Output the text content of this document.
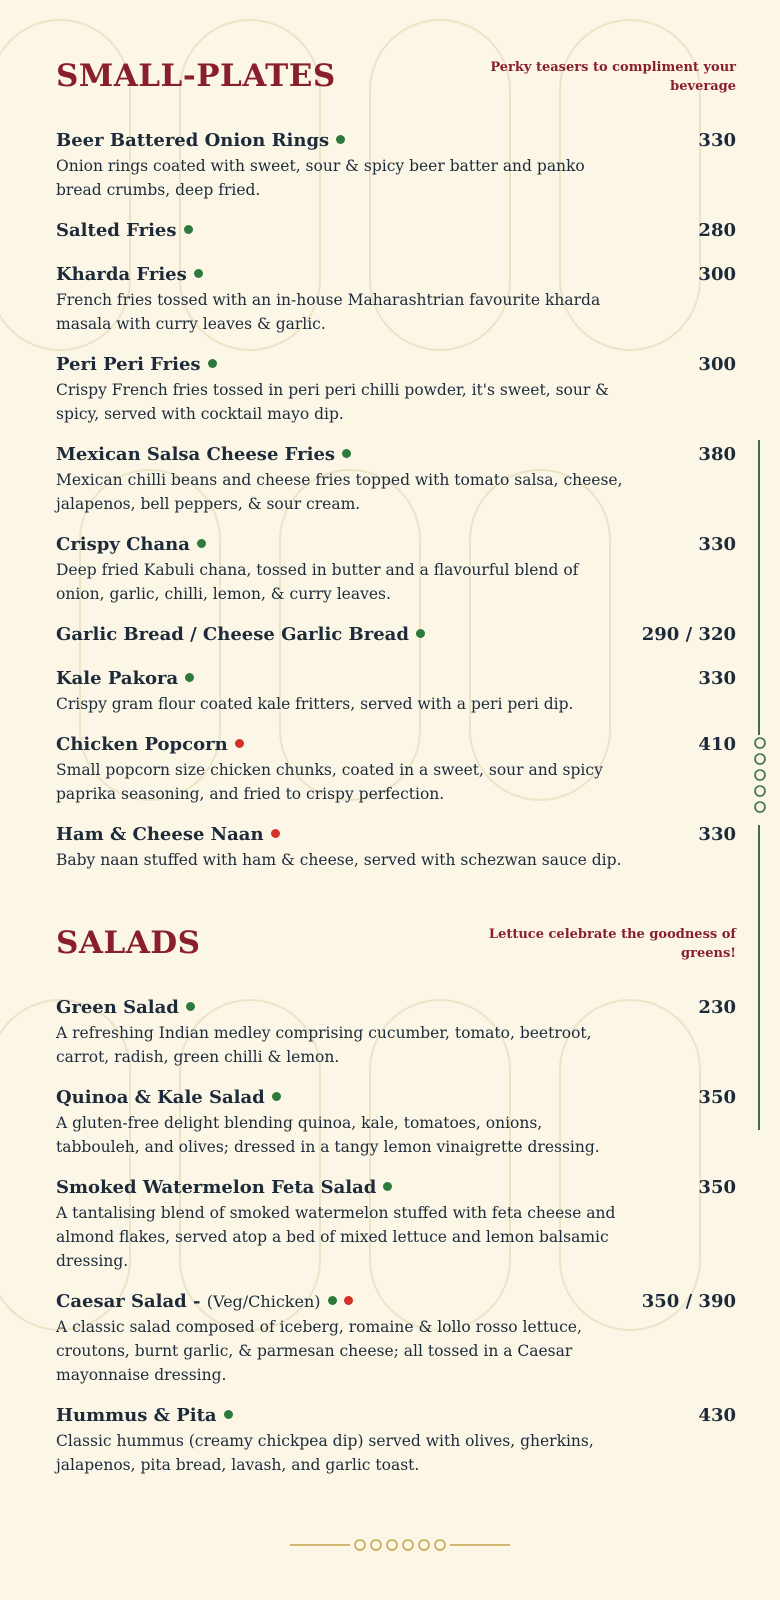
SMALL-PLATES	Perky teasers to compliment your beverage

Beer Battered Onion Rings	330

Onion rings coated with sweet, sour & spicy beer batter and panko bread crumbs, deep fried.

Salted Fries	280

Kharda Fries	300

French fries tossed with an in-house Maharashtrian favourite kharda masala with curry leaves & garlic.

Peri Peri Fries	300

Crispy French fries tossed in peri peri chilli powder, it's sweet, sour & spicy, served with cocktail mayo dip.

Mexican Salsa Cheese Fries	380

Mexican chilli beans and cheese fries topped with tomato salsa, cheese, jalapenos, bell peppers, & sour cream.

Crispy Chana	330

Deep fried Kabuli chana, tossed in butter and a flavourful blend of onion, garlic, chilli, lemon, & curry leaves.

Garlic Bread / Cheese Garlic Bread	290 / 320

Kale Pakora	330

Crispy gram flour coated kale fritters, served with a peri peri dip.

Chicken Popcorn	410

Small popcorn size chicken chunks, coated in a sweet, sour and spicy paprika seasoning, and fried to crispy perfection.

Ham & Cheese Naan	330

Baby naan stuffed with ham & cheese, served with schezwan sauce dip.

SALADS	Lettuce celebrate the goodness of greens!

Green Salad	230

A refreshing Indian medley comprising cucumber, tomato, beetroot, carrot, radish, green chilli & lemon.

Quinoa & Kale Salad	350

A gluten-free delight blending quinoa, kale, tomatoes, onions, tabbouleh, and olives; dressed in a tangy lemon vinaigrette dressing.

Smoked Watermelon Feta Salad	350

A tantalising blend of smoked watermelon stuffed with feta cheese and almond flakes, served atop a bed of mixed lettuce and lemon balsamic dressing.

Caesar Salad - (Veg/Chicken)	350 / 390

A classic salad composed of iceberg, romaine & lollo rosso lettuce, croutons, burnt garlic, & parmesan cheese; all tossed in a Caesar mayonnaise dressing.

Hummus & Pita	430

Classic hummus (creamy chickpea dip) served with olives, gherkins, jalapenos, pita bread, lavash, and garlic toast.
